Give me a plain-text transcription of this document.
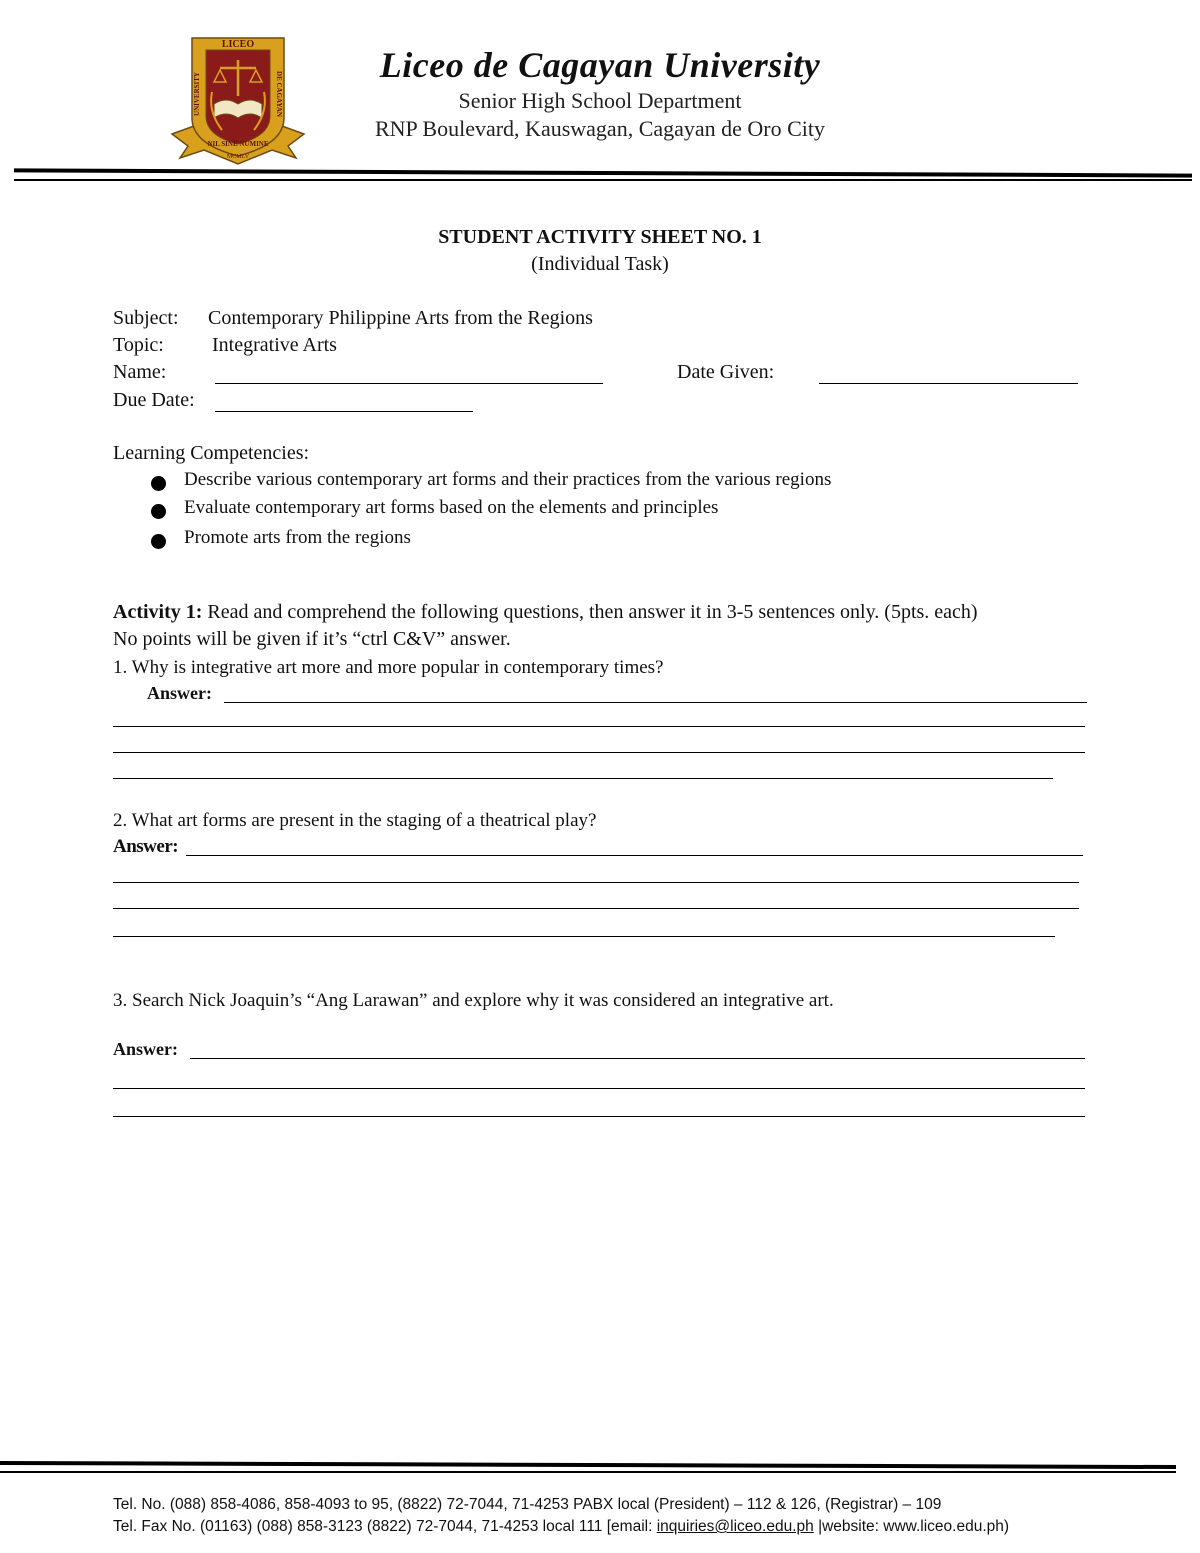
LICEO
UNIVERSITY	DE CAGAYAN
NIL SINE NUMINE
MCMLV
Liceo de Cagayan University
Senior High School Department
RNP Boulevard, Kauswagan, Cagayan de Oro City
STUDENT ACTIVITY SHEET NO. 1
(Individual Task)
Subject: Contemporary Philippine Arts from the Regions
Topic: Integrative Arts
Name:	Date Given:
Due Date:
Learning Competencies:
Describe various contemporary art forms and their practices from the various regions
Evaluate contemporary art forms based on the elements and principles
Promote arts from the regions
Activity 1: Read and comprehend the following questions, then answer it in 3-5 sentences only. (5pts. each)
No points will be given if it’s “ctrl C&V” answer.
1. Why is integrative art more and more popular in contemporary times?
Answer:
2. What art forms are present in the staging of a theatrical play?
Answer:
3. Search Nick Joaquin’s “Ang Larawan” and explore why it was considered an integrative art.
Answer:
Tel. No. (088) 858-4086, 858-4093 to 95, (8822) 72-7044, 71-4253 PABX local (President) – 112 & 126, (Registrar) – 109
Tel. Fax No. (01163) (088) 858-3123 (8822) 72-7044, 71-4253 local 111 [email: inquiries@liceo.edu.ph |website: www.liceo.edu.ph)
